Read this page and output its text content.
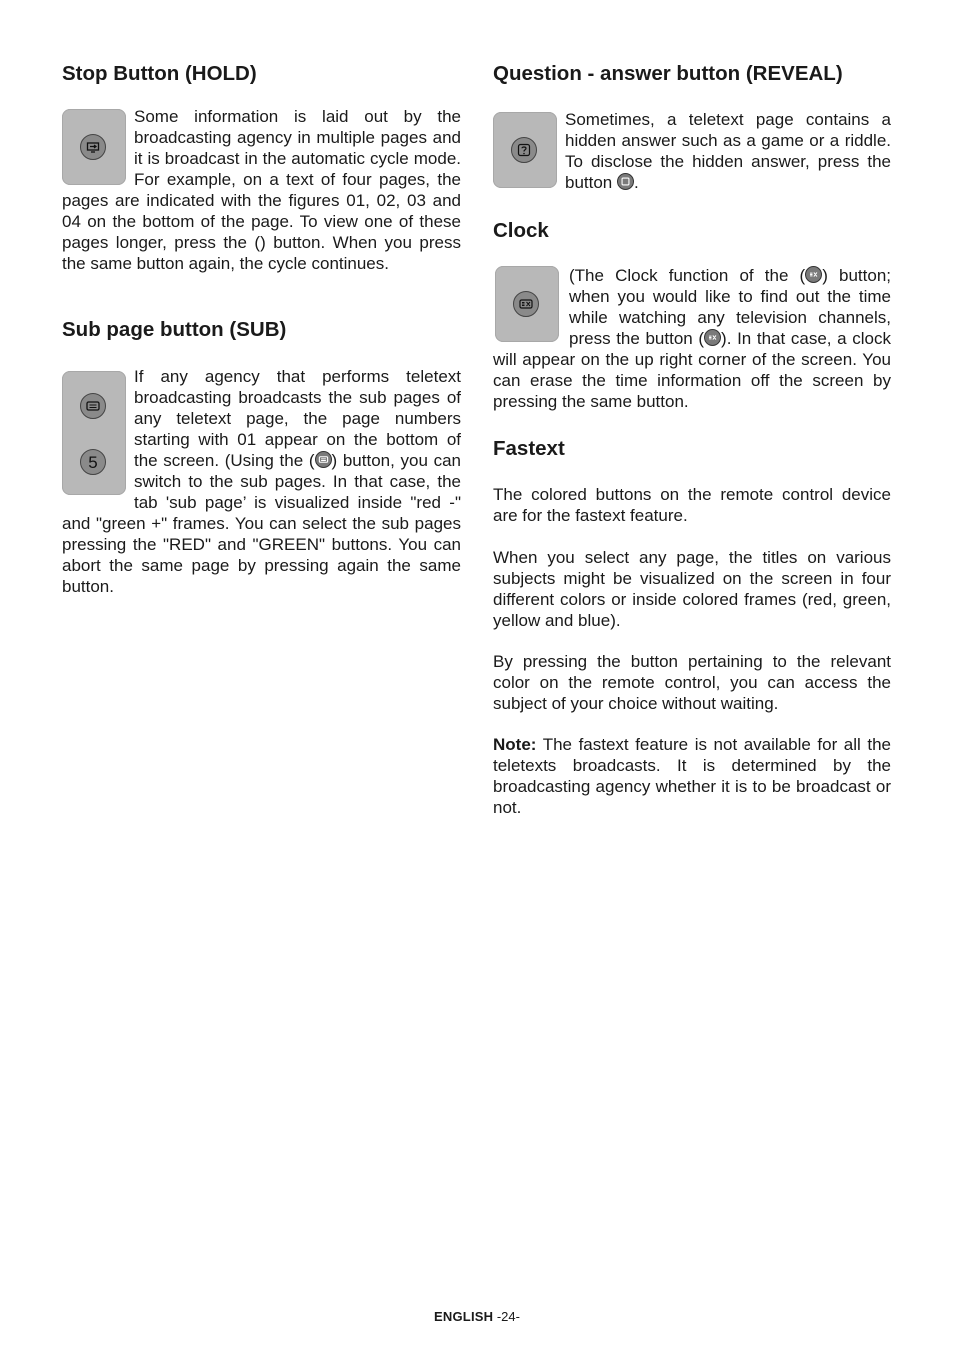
Stop Button (HOLD)

Some information is laid out by the broadcasting agency in multiple pages and it is broadcast in the automatic cycle mode. For example, on a text of four pages, the pages are indicated with the figures 01, 02, 03 and 04 on the bottom of the page. To view one of these pages longer, press the () button. When you press the same button again, the cycle continues.

Sub page button (SUB)
5

If any agency that performs teletext broadcasting broadcasts the sub pages of any teletext page, the page numbers starting with 01 appear on the bottom of the screen. (Using the ( ) button, you can switch to the sub pages. In that case, the tab 'sub page’ is visualized inside "red -" and "green +" frames. You can select the sub pages pressing the "RED" and "GREEN" buttons. You can abort the same page by pressing again the same button.

Question - answer button (REVEAL)

Sometimes, a teletext page contains a hidden answer such as a game or a riddle. To disclose the hidden answer, press the button
.

Clock

(The Clock function of the ( ) button; when you would like to find out the time while watching any television channels, press the button ( ). In that case, a clock will appear on the up right corner of the screen. You can erase the time information off the screen by pressing the same button.

Fastext

The colored buttons on the remote control device are for the fastext feature.

When you select any page, the titles on various subjects might be visualized on the screen in four different colors or inside colored frames (red, green, yellow and blue).

By pressing the button pertaining to the relevant color on the remote control, you can access the subject of your choice without waiting.

Note: The fastext feature is not available for all the teletexts broadcasts. It is determined by the broadcasting agency whether it is to be broadcast or not.

ENGLISH -24-
